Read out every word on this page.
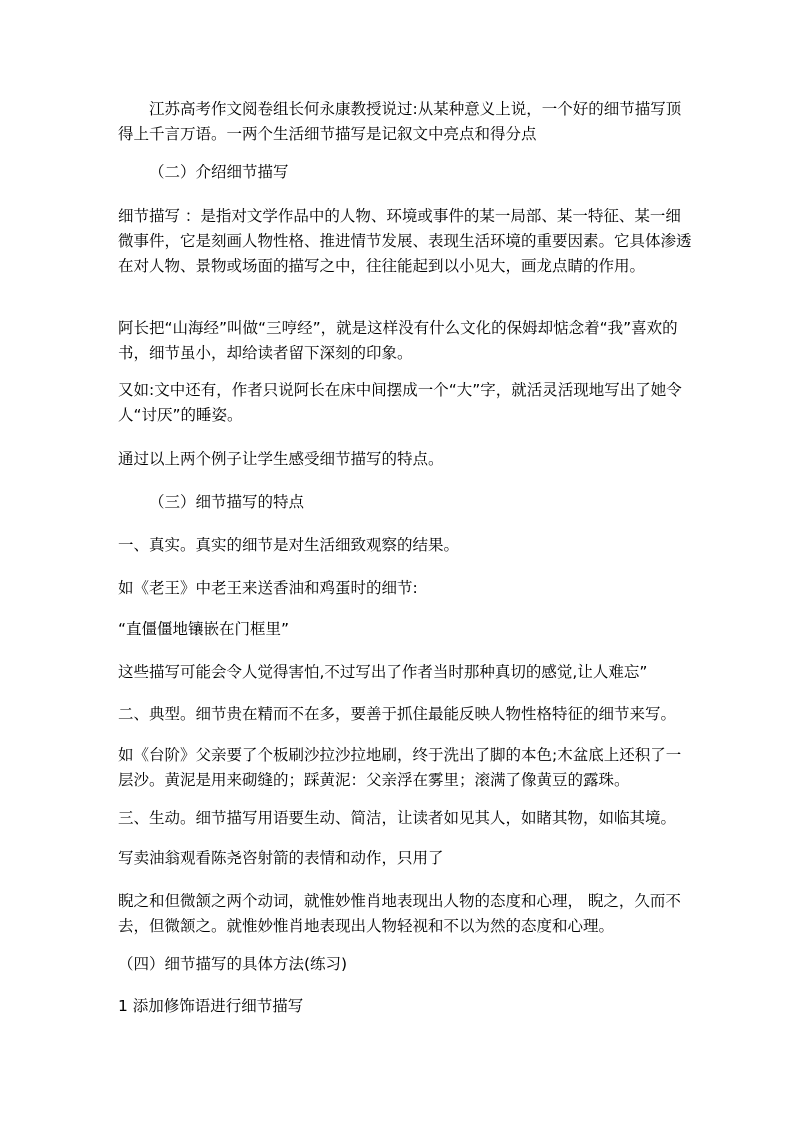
江苏高考作文阅卷组长何永康教授说过:从某种意义上说，一个好的细节描写顶得上千言万语。一两个生活细节描写是记叙文中亮点和得分点

（二）介绍细节描写

细节描写 ：是指对文学作品中的人物、环境或事件的某一局部、某一特征、某一细微事件，它是刻画人物性格、推进情节发展、表现生活环境的重要因素。它具体渗透在对人物、景物或场面的描写之中，往往能起到以小见大，画龙点睛的作用。

阿长把“山海经”叫做“三哼经”，就是这样没有什么文化的保姆却惦念着“我”喜欢的书，细节虽小，却给读者留下深刻的印象。

又如:文中还有，作者只说阿长在床中间摆成一个“大”字，就活灵活现地写出了她令人“讨厌”的睡姿。

通过以上两个例子让学生感受细节描写的特点。

（三）细节描写的特点

一、真实。真实的细节是对生活细致观察的结果。

如《老王》中老王来送香油和鸡蛋时的细节:

“直僵僵地镶嵌在门框里”

这些描写可能会令人觉得害怕,不过写出了作者当时那种真切的感觉,让人难忘”

二、典型。细节贵在精而不在多，要善于抓住最能反映人物性格特征的细节来写。

如《台阶》父亲要了个板刷沙拉沙拉地刷，终于洗出了脚的本色;木盆底上还积了一层沙。黄泥是用来砌缝的；踩黄泥：父亲浮在雾里；滚满了像黄豆的露珠。

三、生动。细节描写用语要生动、简洁，让读者如见其人，如睹其物，如临其境。

写卖油翁观看陈尧咨射箭的表情和动作，只用了

睨之和但微颔之两个动词，就惟妙惟肖地表现出人物的态度和心理， 睨之，久而不去，但微颔之。就惟妙惟肖地表现出人物轻视和不以为然的态度和心理。

（四）细节描写的具体方法(练习)

1 添加修饰语进行细节描写
